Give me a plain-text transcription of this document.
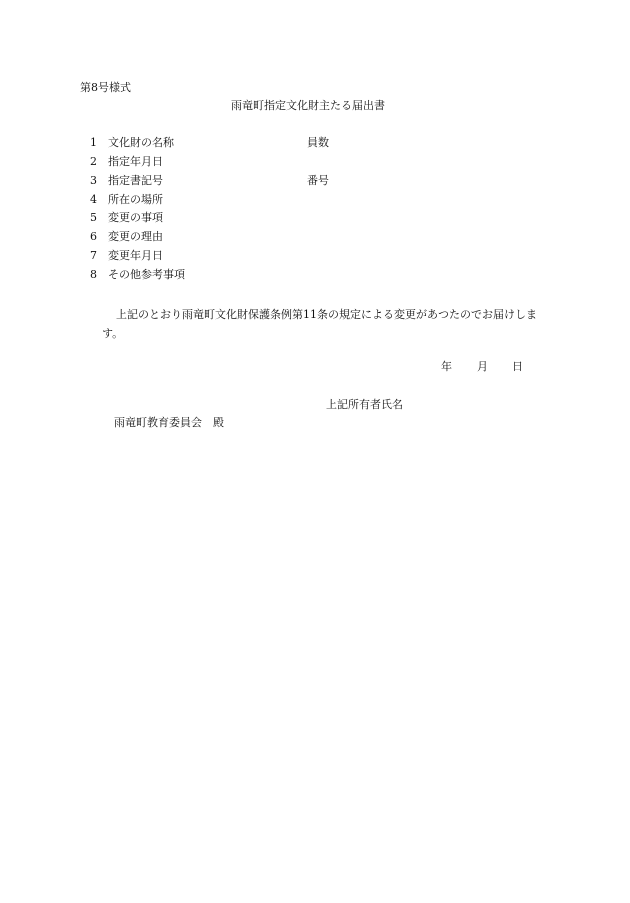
第8号様式
雨竜町指定文化財主たる届出書
1	文化財の名称	員数
2	指定年月日
3	指定書記号	番号
4	所在の場所
5	変更の事項
6	変更の理由
7	変更年月日
8	その他参考事項
上記のとおり雨竜町文化財保護条例第11条の規定による変更があつたのでお届けします。
年 月 日
上記所有者氏名
雨竜町教育委員会　殿
